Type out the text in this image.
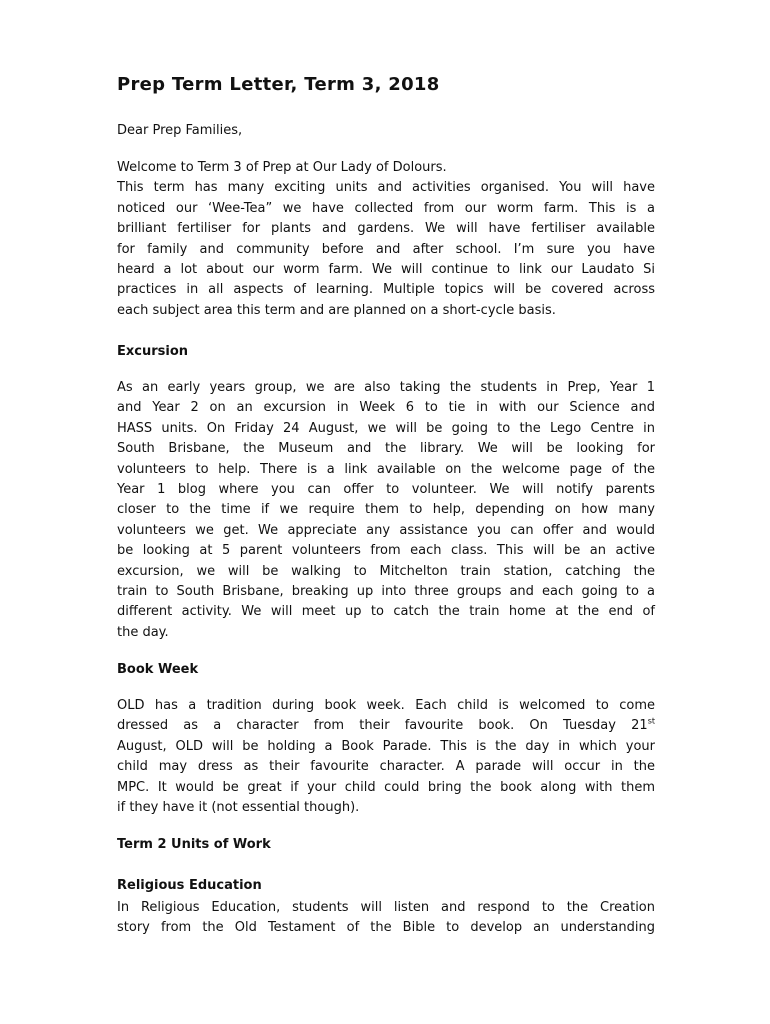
Prep Term Letter, Term 3, 2018

Dear Prep Families,

Welcome to Term 3 of Prep at Our Lady of Dolours.
This term has many exciting units and activities organised. You will have
noticed our ‘Wee-Tea” we have collected from our worm farm. This is a
brilliant fertiliser for plants and gardens. We will have fertiliser available
for family and community before and after school. I’m sure you have
heard a lot about our worm farm. We will continue to link our Laudato Si
practices in all aspects of learning. Multiple topics will be covered across
each subject area this term and are planned on a short-cycle basis.
Excursion
As an early years group, we are also taking the students in Prep, Year 1
and Year 2 on an excursion in Week 6 to tie in with our Science and
HASS units. On Friday 24 August, we will be going to the Lego Centre in
South Brisbane, the Museum and the library. We will be looking for
volunteers to help. There is a link available on the welcome page of the
Year 1 blog where you can offer to volunteer. We will notify parents
closer to the time if we require them to help, depending on how many
volunteers we get. We appreciate any assistance you can offer and would
be looking at 5 parent volunteers from each class. This will be an active
excursion, we will be walking to Mitchelton train station, catching the
train to South Brisbane, breaking up into three groups and each going to a
different activity. We will meet up to catch the train home at the end of
the day.
Book Week
OLD has a tradition during book week. Each child is welcomed to come
dressed as a character from their favourite book. On Tuesday 21st
August, OLD will be holding a Book Parade. This is the day in which your
child may dress as their favourite character. A parade will occur in the
MPC. It would be great if your child could bring the book along with them
if they have it (not essential though).
Term 2 Units of Work
Religious Education
In Religious Education, students will listen and respond to the Creation
story from the Old Testament of the Bible to develop an understanding
